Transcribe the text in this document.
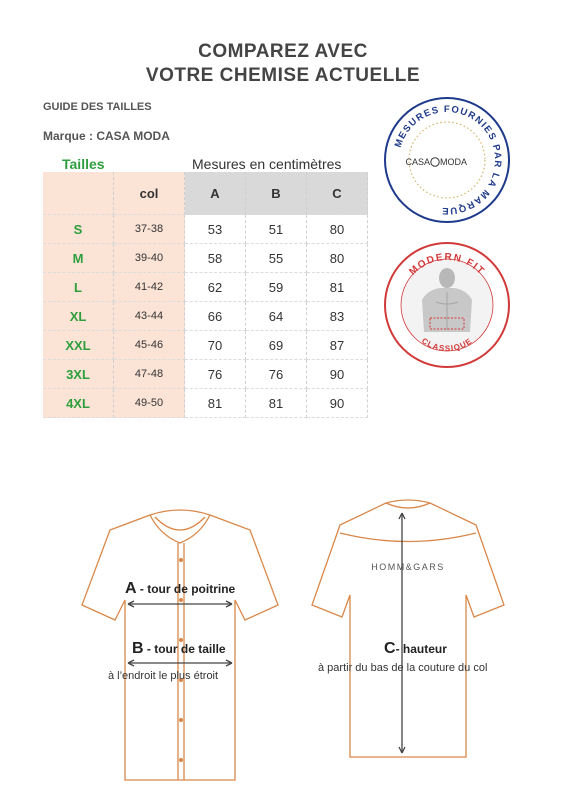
COMPAREZ AVEC
VOTRE CHEMISE ACTUELLE
GUIDE DES TAILLES
Marque : CASA MODA
Tailles	Mesures en centimètres
	col	A	B	C
S	37-38	53	51	80
M	39-40	58	55	80
L	41-42	62	59	81
XL	43-44	66	64	83
XXL	45-46	70	69	87
3XL	47-48	76	76	90
4XL	49-50	81	81	90
MESURES FOURNIES PAR LA MARQUE
CASA MODA
MODERN FIT
CLASSIQUE
A - tour de poitrine
B - tour de taille
à l’endroit le plus étroit
HOMM&GARS
C- hauteur
à partir du bas de la couture du col
